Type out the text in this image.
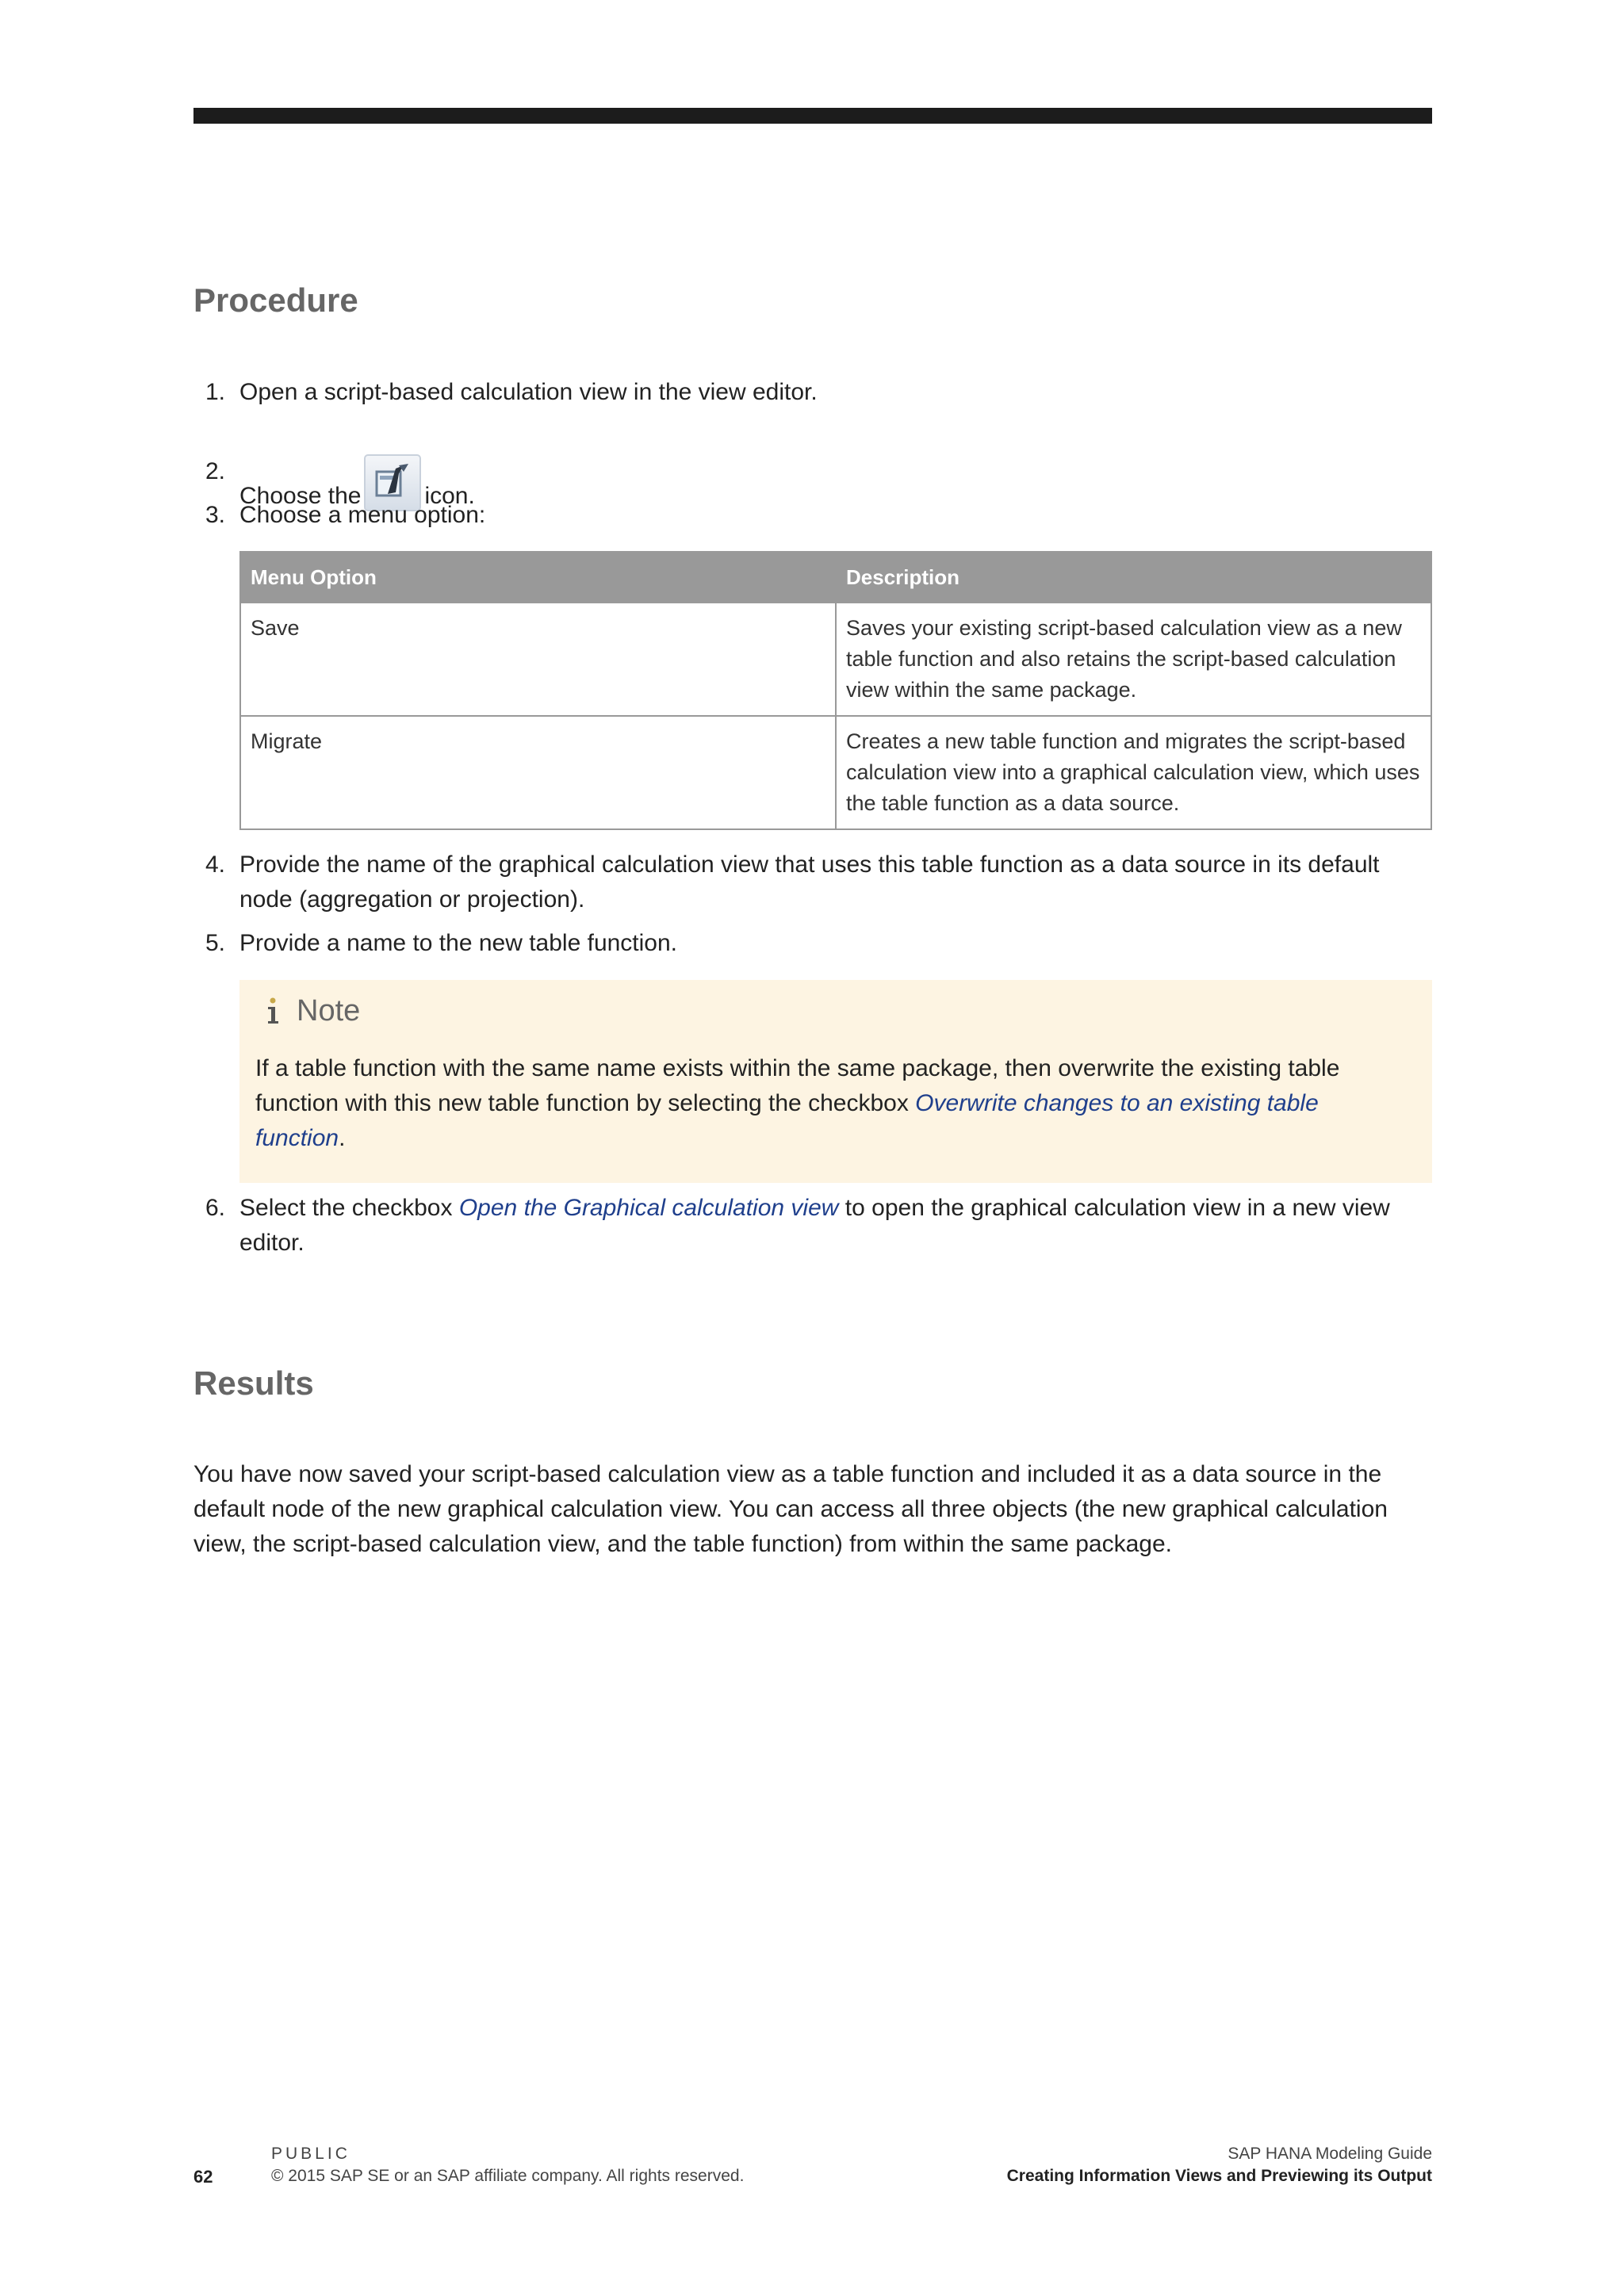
Procedure
1. Open a script-based calculation view in the view editor.
2.
Choose the	icon.
3. Choose a menu option:
Menu Option	Description
Save	Saves your existing script-based calculation view as a new table function and also retains the script-based calculation view within the same package.
Migrate	Creates a new table function and migrates the script-based calculation view into a graphical calculation view, which uses the table function as a data source.
4. Provide the name of the graphical calculation view that uses this table function as a data source in its default node (aggregation or projection).
5. Provide a name to the new table function.
Note
If a table function with the same name exists within the same package, then overwrite the existing table function with this new table function by selecting the checkbox Overwrite changes to an existing table function.
6. Select the checkbox Open the Graphical calculation view to open the graphical calculation view in a new view editor.
Results

You have now saved your script-based calculation view as a table function and included it as a data source in the default node of the new graphical calculation view. You can access all three objects (the new graphical calculation view, the script-based calculation view, and the table function) from within the same package.

62
PUBLIC
© 2015 SAP SE or an SAP affiliate company. All rights reserved.
SAP HANA Modeling Guide
Creating Information Views and Previewing its Output
